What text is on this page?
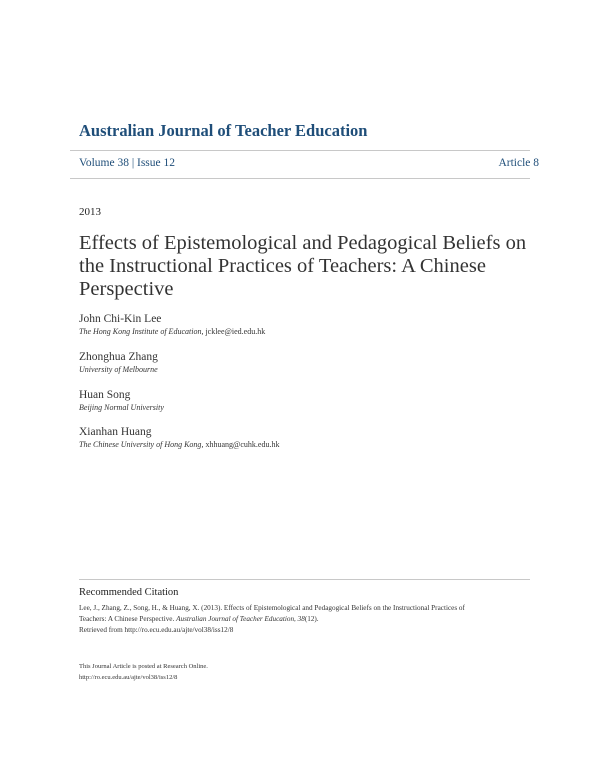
Australian Journal of Teacher Education
Volume 38 | Issue 12	Article 8
2013
Effects of Epistemological and Pedagogical Beliefs on the Instructional Practices of Teachers: A Chinese Perspective
John Chi-Kin Lee
The Hong Kong Institute of Education, jcklee@ied.edu.hk
Zhonghua Zhang
University of Melbourne
Huan Song
Beijing Normal University
Xianhan Huang
The Chinese University of Hong Kong, xhhuang@cuhk.edu.hk
Recommended Citation
Lee, J., Zhang, Z., Song, H., & Huang, X. (2013). Effects of Epistemological and Pedagogical Beliefs on the Instructional Practices of
Teachers: A Chinese Perspective. Australian Journal of Teacher Education, 38(12).
Retrieved from http://ro.ecu.edu.au/ajte/vol38/iss12/8
This Journal Article is posted at Research Online.
http://ro.ecu.edu.au/ajte/vol38/iss12/8
